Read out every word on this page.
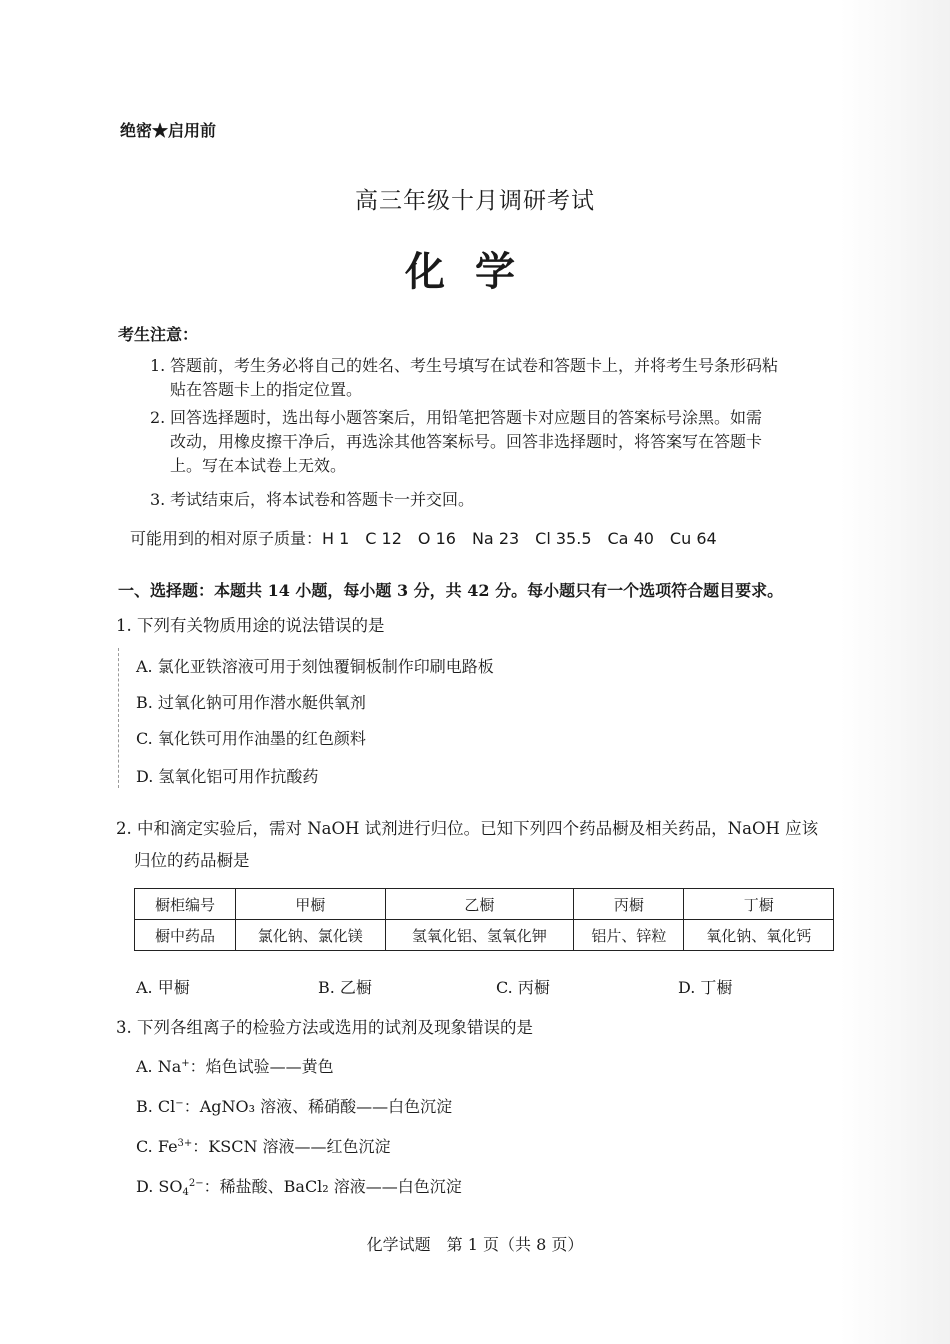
绝密★启用前
高三年级十月调研考试
化学
考生注意：
1. 答题前，考生务必将自己的姓名、考生号填写在试卷和答题卡上，并将考生号条形码粘
贴在答题卡上的指定位置。
2. 回答选择题时，选出每小题答案后，用铅笔把答题卡对应题目的答案标号涂黑。如需
改动，用橡皮擦干净后，再选涂其他答案标号。回答非选择题时，将答案写在答题卡
上。写在本试卷上无效。
3. 考试结束后，将本试卷和答题卡一并交回。
可能用到的相对原子质量：H 1　C 12　O 16　Na 23　Cl 35.5　Ca 40　Cu 64
一、选择题：本题共 14 小题，每小题 3 分，共 42 分。每小题只有一个选项符合题目要求。
1. 下列有关物质用途的说法错误的是
A. 氯化亚铁溶液可用于刻蚀覆铜板制作印刷电路板
B. 过氧化钠可用作潜水艇供氧剂
C. 氧化铁可用作油墨的红色颜料
D. 氢氧化铝可用作抗酸药
2. 中和滴定实验后，需对 NaOH 试剂进行归位。已知下列四个药品橱及相关药品，NaOH 应该
归位的药品橱是
橱柜编号	甲橱	乙橱	丙橱	丁橱
橱中药品	氯化钠、氯化镁	氢氧化铝、氢氧化钾	铝片、锌粒	氧化钠、氧化钙
A. 甲橱	B. 乙橱	C. 丙橱	D. 丁橱
3. 下列各组离子的检验方法或选用的试剂及现象错误的是
A. Na+：焰色试验——黄色
B. Cl−：AgNO₃ 溶液、稀硝酸——白色沉淀
C. $Fe^{3+}$：KSCN 溶液——红色沉淀
D. $SO_4^{2-}$：稀盐酸、BaCl₂ 溶液——白色沉淀
化学试题　第 1 页（共 8 页）
